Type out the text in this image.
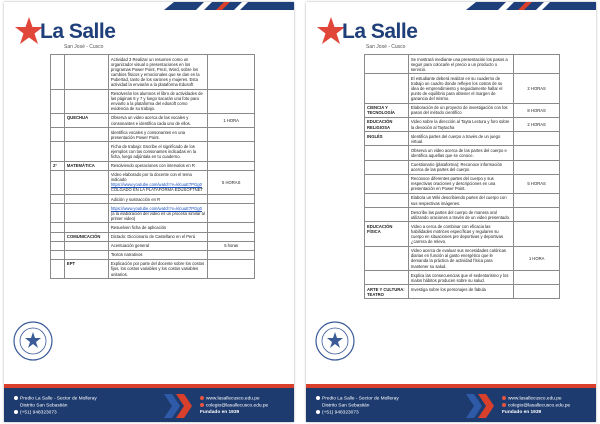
La Salle
San José - Cusco
		Actividad 3 Realizar un resumen como un organizador visual o presentaciones en los programas Power Point, Prezi, Word, sobre los cambios físicos y emocionales que se dan en la Pubertad, tanto de los varones y mujeres. Esta actividad la enviarán a la plataforma Edusoft	
		Resolverán los alumnos el libro de actividades de las páginas 6 y 7 y luego sacarán una foto para enviarlo a la plataforma del edusoft como evidencia de su trabajo.	
	QUECHUA	Observa un video acerca de las vocales y consonantes e identifica cada uno de ellos.	1 HORA
		Identifica vocales y consonantes en una presentación Power Point.	
		Ficha de trabajo: Escribe el significado de los ejemplos con las consonantes indicadas en la ficha, luego adjúntala en tu cuaderno.	
2°	MATEMÁTICA	Resolviendo operaciones con intervalos en R	
		Video elaborado por la docente con el tema indicado
https://www.youtube.com/watch?v=klcuuE7PGg0 COLGADO EN LA PLATAFORMA EDUSOFTNET	5 HORAS
		Adición y sustracción en R	
		https://www.youtube.com/watch?v=klcuuE7PGg0 (a la elaboración del video es un proceso similar al primer video)	
		Resuelven ficha de aplicación	
	COMUNICACIÓN	Dictado: Diccionario de Castellano en el Perú	
		Acentuación general	5 horas
		Textos narrativos	
	EPT	Explicación por parte del docente sobre los costos fijos, los costos variables y los costos variables unitarios.	
Predio La Salle - Sector de Molleray
Distrito San Sebastián
(+51) 948323073
www.lasallecusco.edu.pe
colegio@lasallecusco.edu.pe
Fundado en 1939
La Salle
San José - Cusco
	Se mostrará mediante una presentación los pasos a seguir para colocarle el precio a un producto o servicio.	
	El estudiante deberá realizar en su cuaderno de trabajo un cuadro donde reflejen los costos de su idea de emprendimiento y seguidamente hallar el punto de equilibrio para obtener el margen de ganancia del mismo.	2 HORAS
CIENCIA Y TECNOLOGÍA	Elaboración de un proyecto de investigación con los pasos del método científico	8 HORAS
EDUCACIÓN RELIGIOSA	Video sobre la dirección al Tayta Lectura y foro sobre la devoción al Taytacha	2 HORAS
INGLÉS	Identifica partes del cuerpo a través de un juego virtual.	
	Observa un video acerca de las partes del cuerpo e identifica aquellas que se conoce.	
	Cuestionario (plataforma): Reconoce información acerca de las partes del cuerpo	
	Reconoce diferentes partes del cuerpo y sus respectivas oraciones y descripciones en una presentación en Power Point.	5 HORAS
	Elabora un Wiki describiendo partes del cuerpo con sus respectivas imágenes.	
	Describe las partes del cuerpo de manera oral utilizando oraciones a través de un video presentado.	
EDUCACIÓN FÍSICA	Video a cerca de combinar con eficacia las habilidades motrices específicas y regulares su cuerpo en situaciones pre deportivas y deportivas ¿carrera de relevo.	
	Video acerca de evaluar sus necesidades calóricas diarias en función al gasto energético que le demanda la práctica de actividad física para mantener su salud.	1 HORA
	Explica las consecuencias que el sedentarismo y los malos hábitos producen sobre su salud.	
ARTE Y CULTURA: TEATRO	Investiga sobre los personajes de fabula	
Predio La Salle - Sector de Molleray
Distrito San Sebastián
(+51) 948323073
www.lasallecusco.edu.pe
colegio@lasallecusco.edu.pe
Fundado en 1939
